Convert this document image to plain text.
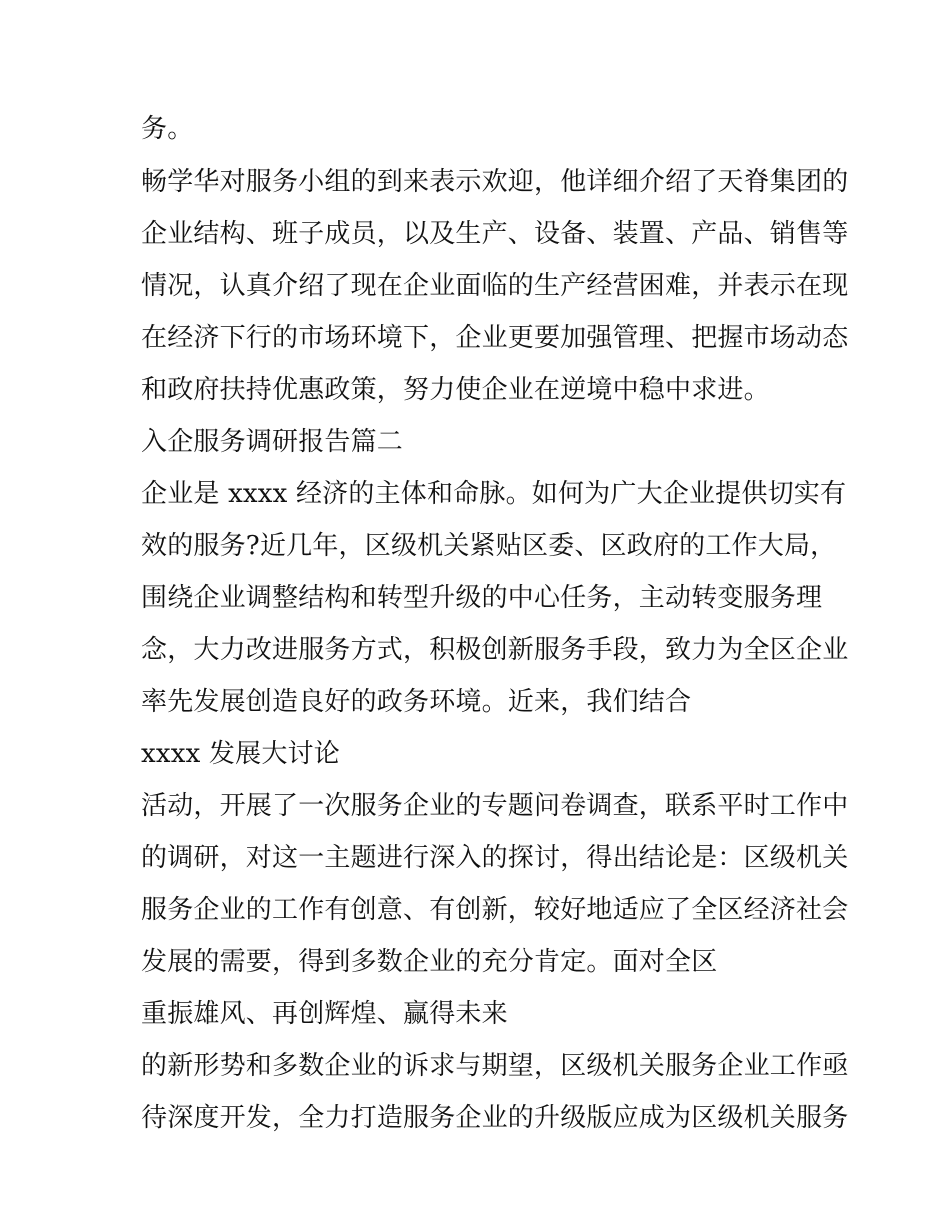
务。
畅学华对服务小组的到来表示欢迎，他详细介绍了天脊集团的
企业结构、班子成员，以及生产、设备、装置、产品、销售等
情况，认真介绍了现在企业面临的生产经营困难，并表示在现
在经济下行的市场环境下，企业更要加强管理、把握市场动态
和政府扶持优惠政策，努力使企业在逆境中稳中求进。
入企服务调研报告篇二
企业是 xxxx 经济的主体和命脉。如何为广大企业提供切实有
效的服务?近几年，区级机关紧贴区委、区政府的工作大局，
围绕企业调整结构和转型升级的中心任务，主动转变服务理
念，大力改进服务方式，积极创新服务手段，致力为全区企业
率先发展创造良好的政务环境。近来，我们结合
xxxx 发展大讨论
活动，开展了一次服务企业的专题问卷调查，联系平时工作中
的调研，对这一主题进行深入的探讨，得出结论是：区级机关
服务企业的工作有创意、有创新，较好地适应了全区经济社会
发展的需要，得到多数企业的充分肯定。面对全区
重振雄风、再创辉煌、赢得未来
的新形势和多数企业的诉求与期望，区级机关服务企业工作亟
待深度开发，全力打造服务企业的升级版应成为区级机关服务
